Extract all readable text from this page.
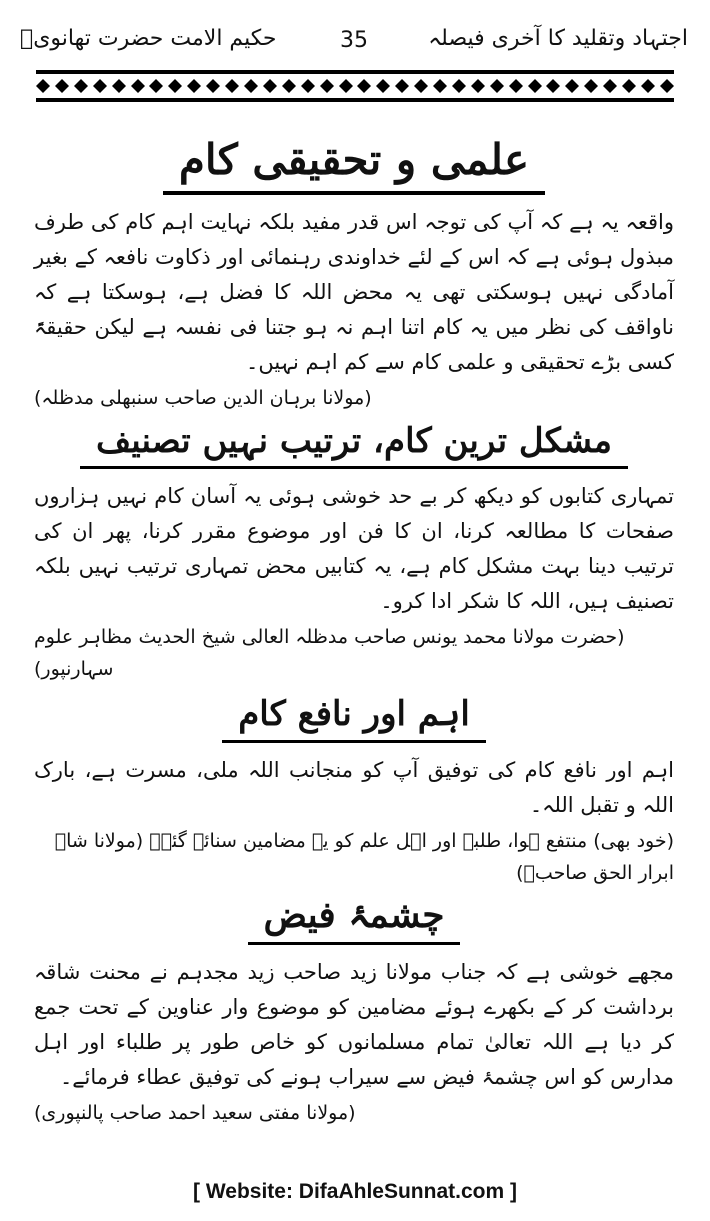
اجتہاد وتقلید کا آخری فیصلہ
35
حکیم الامت حضرت تھانویؒ
علمی و تحقیقی کام

واقعہ یہ ہے کہ آپ کی توجہ اس قدر مفید بلکہ نہایت اہم کام کی طرف مبذول ہوئی ہے کہ اس کے لئے خداوندی رہنمائی اور ذکاوت نافعہ کے بغیر آمادگی نہیں ہوسکتی تھی یہ محض اللہ کا فضل ہے، ہوسکتا ہے کہ ناواقف کی نظر میں یہ کام اتنا اہم نہ ہو جتنا فی نفسہ ہے لیکن حقیقۃً کسی بڑے تحقیقی و علمی کام سے کم اہم نہیں۔

(مولانا برہان الدین صاحب سنبھلی مدظلہ)

مشکل ترین کام، ترتیب نہیں تصنیف

تمہاری کتابوں کو دیکھ کر بے حد خوشی ہوئی یہ آسان کام نہیں ہزاروں صفحات کا مطالعہ کرنا، ان کا فن اور موضوع مقرر کرنا، پھر ان کی ترتیب دینا بہت مشکل کام ہے، یہ کتابیں محض تمہاری ترتیب نہیں بلکہ تصنیف ہیں، اللہ کا شکر ادا کرو۔

(حضرت مولانا محمد یونس صاحب مدظلہ العالی شیخ الحدیث مظاہر علوم سہارنپور)

اہم اور نافع کام

اہم اور نافع کام کی توفیق آپ کو منجانب اللہ ملی، مسرت ہے، بارک اللہ و تقبل اللہ۔

(خود بھی) منتفع ہوا، طلبہ اور اہل علم کو یہ مضامین سنائے گئے۔ (مولانا شاہ ابرار الحق صاحبؒ)

چشمۂ فیض

مجھے خوشی ہے کہ جناب مولانا زید صاحب زید مجدہم نے محنت شاقہ برداشت کر کے بکھرے ہوئے مضامین کو موضوع وار عناوین کے تحت جمع کر دیا ہے اللہ تعالیٰ تمام مسلمانوں کو خاص طور پر طلباء اور اہل مدارس کو اس چشمۂ فیض سے سیراب ہونے کی توفیق عطاء فرمائے۔

(مولانا مفتی سعید احمد صاحب پالنپوری)

[ Website: DifaAhleSunnat.com ]
